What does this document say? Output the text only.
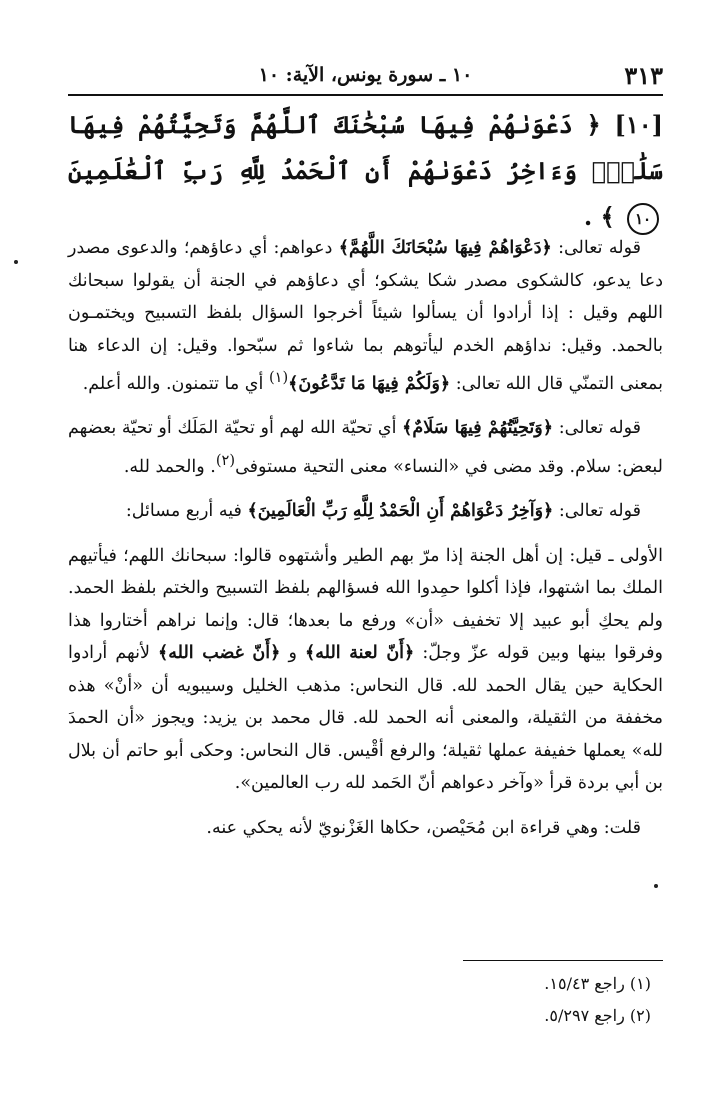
٣١٣
١٠ ـ سورة يونس، الآية: ١٠
[١٠] ﴿ دَعْوَىٰهُمْ فِيهَا سُبْحَٰنَكَ ٱللَّهُمَّ وَتَحِيَّتُهُمْ فِيهَا سَلَٰمٌۚ وَءَاخِرُ دَعْوَىٰهُمْ أَنِ ٱلْحَمْدُ لِلَّهِ رَبِّ ٱلْعَٰلَمِينَ ١٠ ﴾ .

قوله تعالى: ﴿دَعْوَاهُمْ فِيهَا سُبْحَانَكَ اللَّهُمَّ﴾ دعواهم: أي دعاؤهم؛ والدعوى مصدر دعا يدعو، كالشكوى مصدر شكا يشكو؛ أي دعاؤهم في الجنة أن يقولوا سبحانك اللهم وقيل : إذا أرادوا أن يسألوا شيئاً أخرجوا السؤال بلفظ التسبيح ويختمـون بالحمد. وقيل: نداؤهم الخدم ليأتوهم بما شاءوا ثم سبّحوا. وقيل: إن الدعاء هنا بمعنى التمنّي قال الله تعالى: ﴿وَلَكُمْ فِيهَا مَا تَدَّعُونَ﴾$^{(١)}$ أي ما تتمنون. والله أعلم.

قوله تعالى: ﴿وَتَحِيَّتُهُمْ فِيهَا سَلَامٌ﴾ أي تحيّة الله لهم أو تحيّة المَلَك أو تحيّة بعضهم لبعض: سلام. وقد مضى في «النساء» معنى التحية مستوفى$^{(٢)}$. والحمد لله.

قوله تعالى: ﴿وَآخِرُ دَعْوَاهُمْ أَنِ الْحَمْدُ لِلَّهِ رَبِّ الْعَالَمِينَ﴾ فيه أربع مسائل:

الأولى ـ قيل: إن أهل الجنة إذا مرّ بهم الطير وأشتهوه قالوا: سبحانك اللهم؛ فيأتيهم الملك بما اشتهوا، فإذا أكلوا حمِدوا الله فسؤالهم بلفظ التسبيح والختم بلفظ الحمد. ولم يحكِ أبو عبيد إلا تخفيف «أن» ورفع ما بعدها؛ قال: وإنما نراهم أختاروا هذا وفرقوا بينها وبين قوله عزّ وجلّ: ﴿أَنّ لعنة الله﴾ و ﴿أَنّ غضب الله﴾ لأنهم أرادوا الحكاية حين يقال الحمد لله. قال النحاس: مذهب الخليل وسيبويه أن «أنْ» هذه مخففة من الثقيلة، والمعنى أنه الحمد لله. قال محمد بن يزيد: ويجوز «أن الحمدَ لله» يعملها خفيفة عملها ثقيلة؛ والرفع أقْيس. قال النحاس: وحكى أبو حاتم أن بلال بن أبي بردة قرأ «وآخر دعواهم أنّ الحَمد لله رب العالمين».

قلت: وهي قراءة ابن مُحَيْصن، حكاها الغَزْنويّ لأنه يحكي عنه.

(١) راجع ١٥/٤٣.
(٢) راجع ٥/٢٩٧.
